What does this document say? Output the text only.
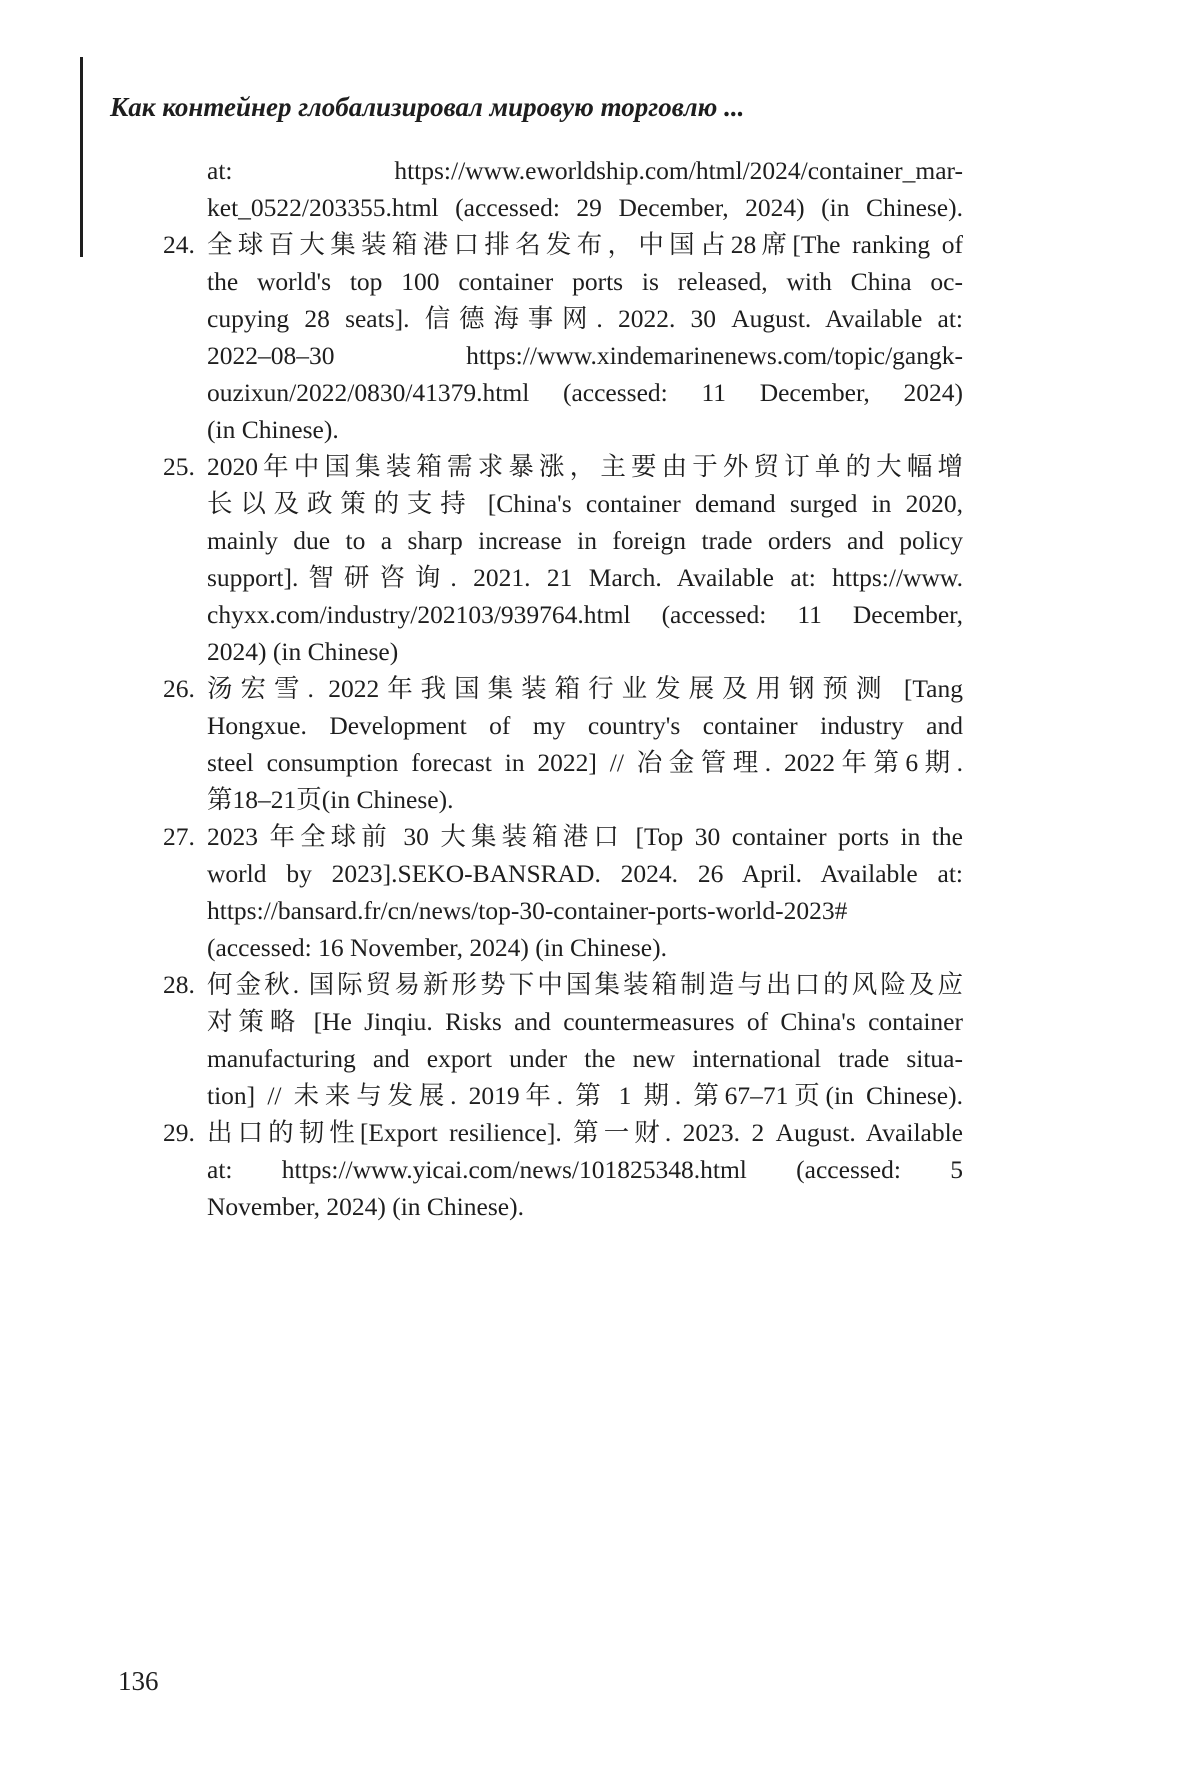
Как контейнер глобализировал мировую торговлю ...
at: https://www.eworldship.com/html/2024/container_mar-
ket_0522/203355.html (accessed: 29 December, 2024) (in Chinese).
24. 全球百大集装箱港口排名发布，中国占28席[The ranking of
the world's top 100 container ports is released, with China oc-
cupying 28 seats]. 信德海事网. 2022. 30 August. Available at:
2022–08–30 https://www.xindemarinenews.com/topic/gangk-
ouzixun/2022/0830/41379.html (accessed: 11 December, 2024)
(in Chinese).
25. 2020年中国集装箱需求暴涨，主要由于外贸订单的大幅增
长以及政策的支持 [China's container demand surged in 2020,
mainly due to a sharp increase in foreign trade orders and policy
support].智研咨询. 2021. 21 March. Available at: https://www.
chyxx.com/industry/202103/939764.html (accessed: 11 December,
2024) (in Chinese)
26. 汤宏雪. 2022年我国集装箱行业发展及用钢预测 [Tang
Hongxue. Development of my country's container industry and
steel consumption forecast in 2022] // 冶金管理. 2022年第6期.
第18–21页(in Chinese).
27. 2023 年全球前 30 大集装箱港口 [Top 30 container ports in the
world by 2023].SEKO-BANSRAD. 2024. 26 April. Available at:
https://bansard.fr/cn/news/top-30-container-ports-world-2023#
(accessed: 16 November, 2024) (in Chinese).
28. 何金秋. 国际贸易新形势下中国集装箱制造与出口的风险及应
对策略 [He Jinqiu. Risks and countermeasures of China's container
manufacturing and export under the new international trade situa-
tion] // 未来与发展. 2019年. 第 1 期. 第67–71页(in Chinese).
29. 出口的韧性[Export resilience]. 第一财. 2023. 2 August. Available
at: https://www.yicai.com/news/101825348.html (accessed: 5
November, 2024) (in Chinese).
136
